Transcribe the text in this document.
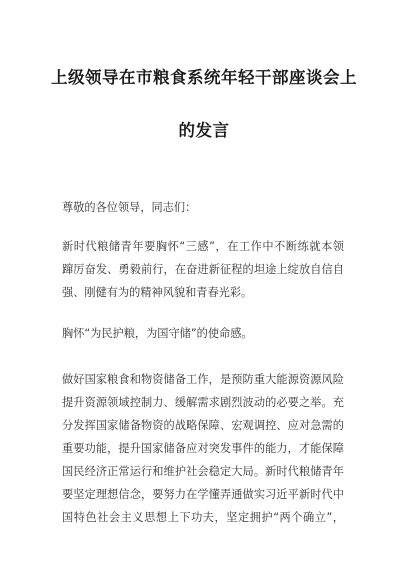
上级领导在市粮食系统年轻干部座谈会上
的发言
尊敬的各位领导，同志们：
新时代粮储青年要胸怀“三感”，在工作中不断练就本领
蹿厉奋发、勇毅前行，在奋进新征程的坦途上绽放自信自
强、刚健有为的精神风貌和青春光彩。
胸怀“为民护粮，为国守储”的使命感。
做好国家粮食和物资储备工作，是预防重大能源资源风险
提升资源领域控制力、缓解需求剧烈波动的必要之举。充
分发挥国家储备物资的战略保障、宏观调控、应对急需的
重要功能，提升国家储备应对突发事件的能力，才能保障
国民经济正常运行和维护社会稳定大局。新时代粮储青年
要坚定理想信念，要努力在学懂弄通做实习近平新时代中
国特色社会主义思想上下功夫，坚定拥护“两个确立”，
